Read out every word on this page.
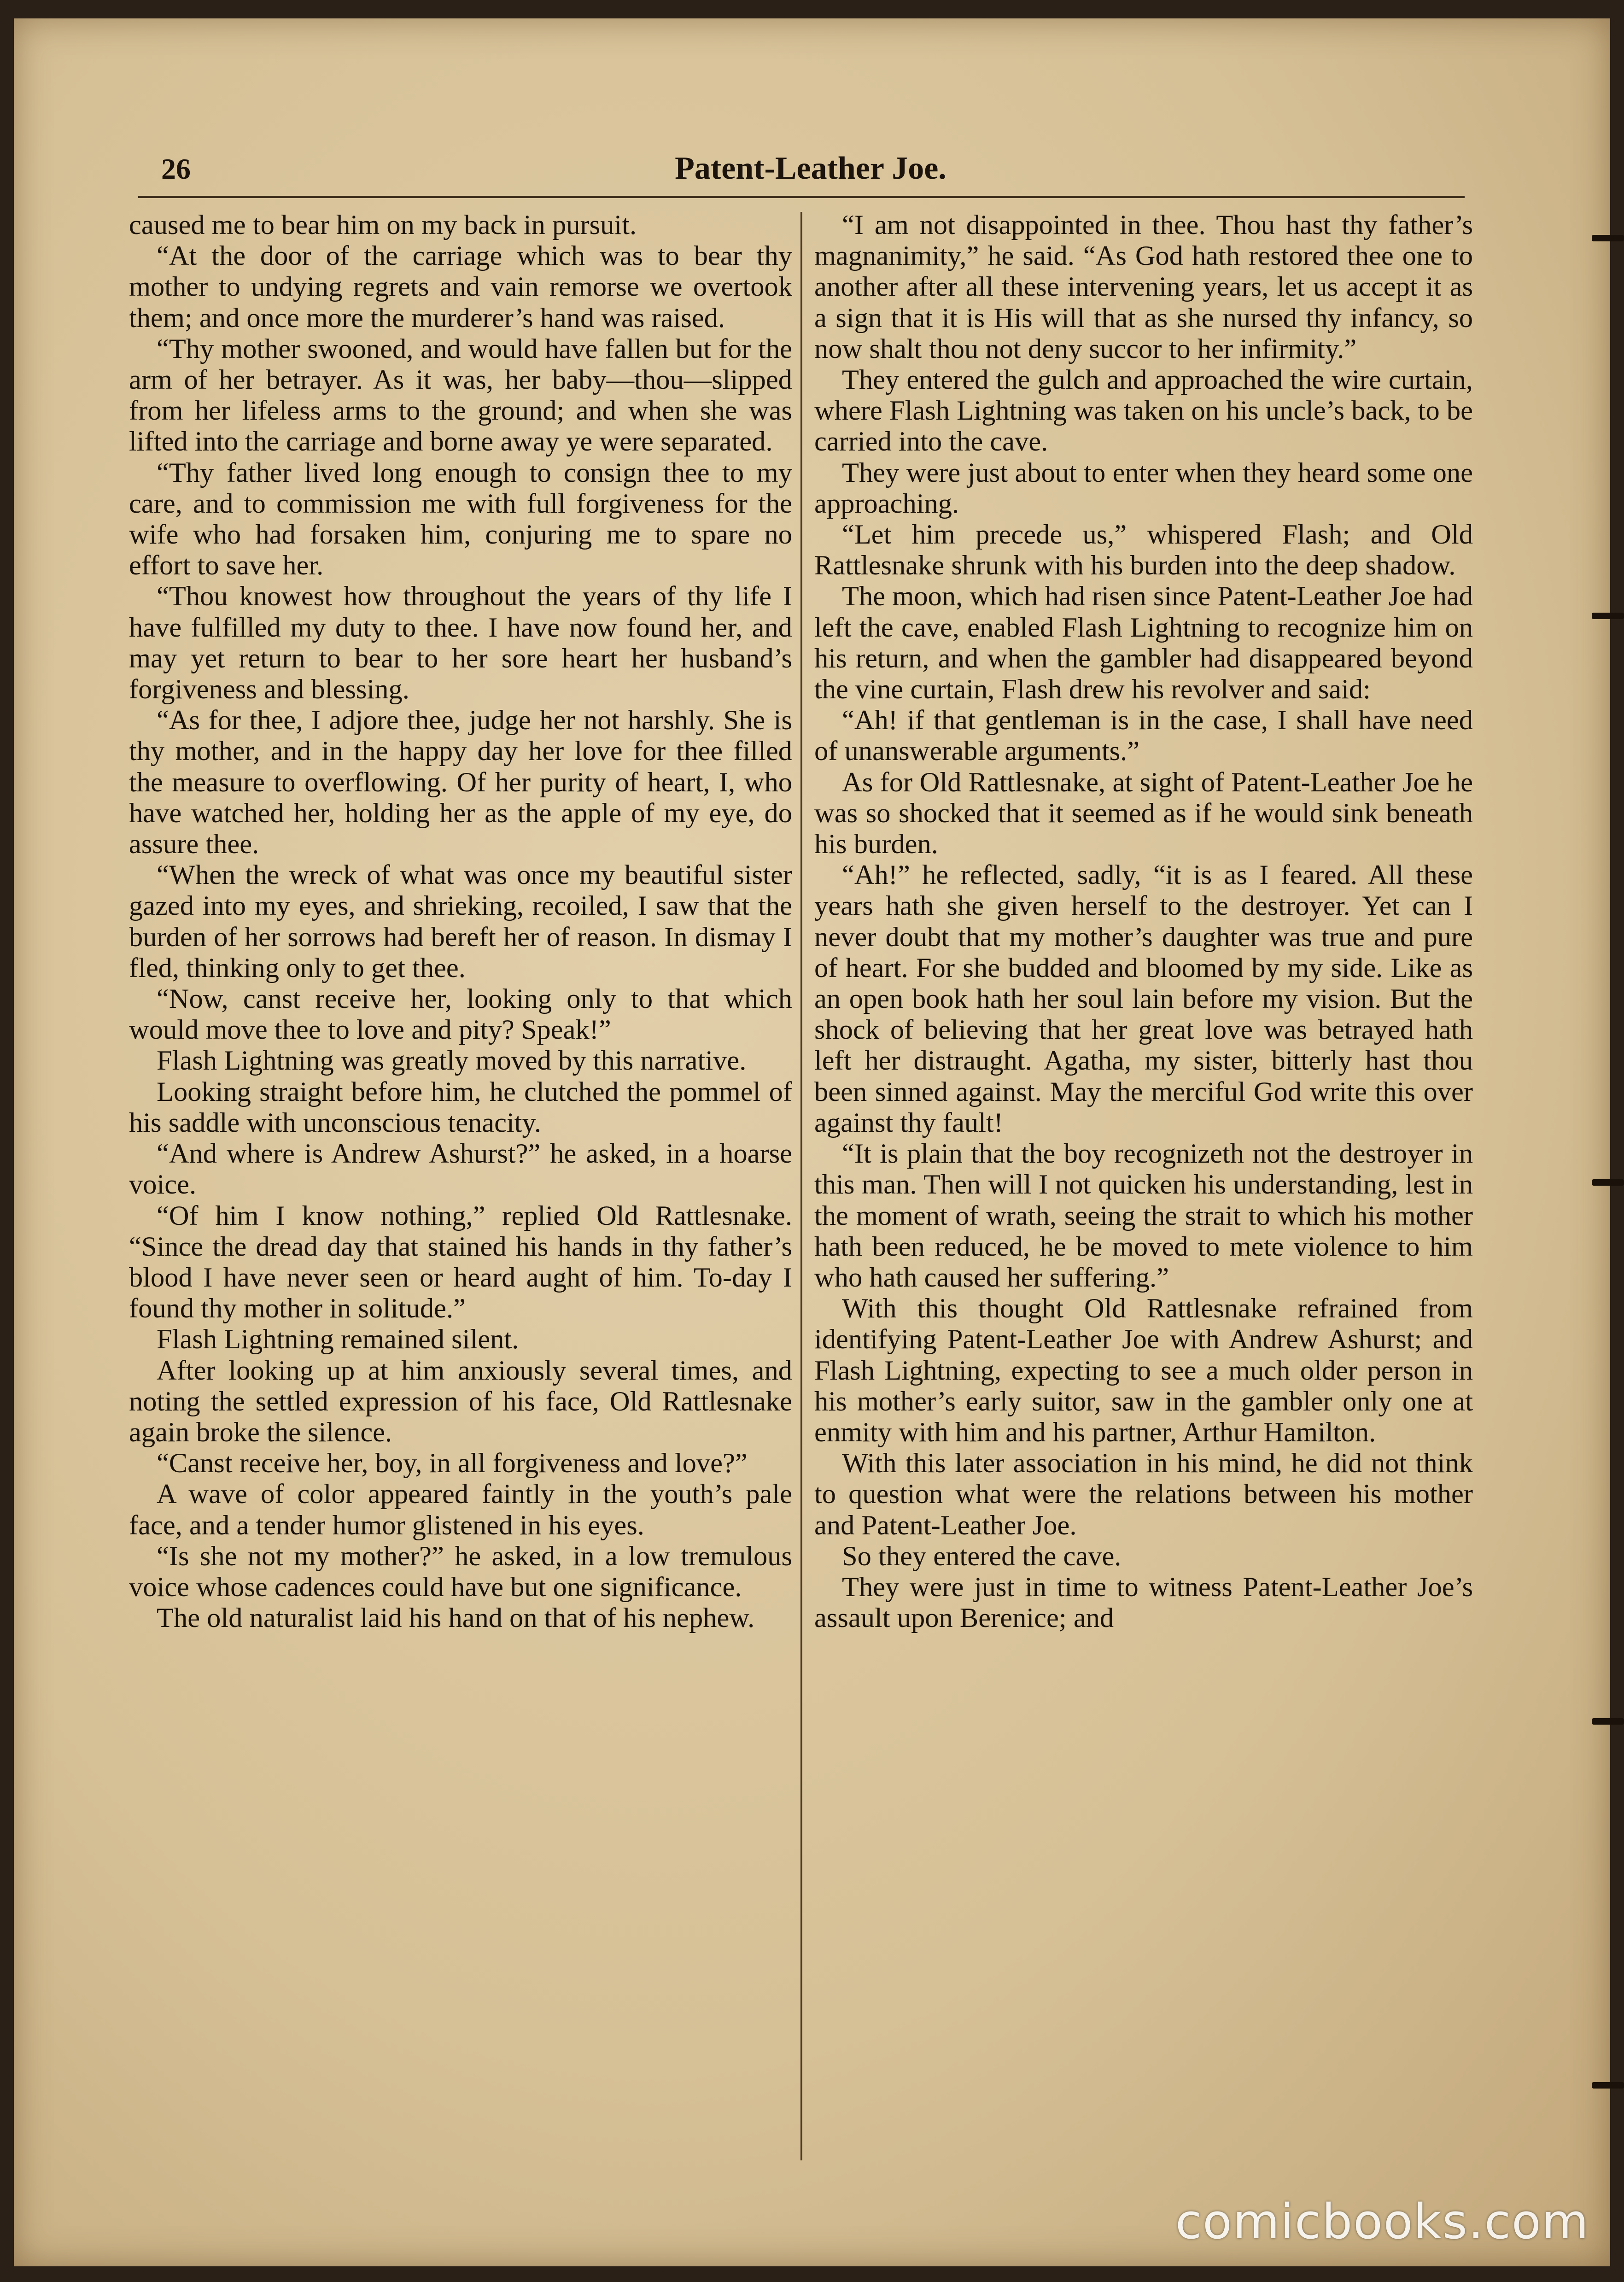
26	Patent-Leather Joe.

caused me to bear him on my back in pursuit.

“At the door of the carriage which was to bear thy mother to undying regrets and vain remorse we overtook them; and once more the murderer’s hand was raised.

“Thy mother swooned, and would have fallen but for the arm of her betrayer. As it was, her baby—thou—slipped from her lifeless arms to the ground; and when she was lifted into the carriage and borne away ye were separated.

“Thy father lived long enough to consign thee to my care, and to commission me with full forgiveness for the wife who had forsaken him, conjuring me to spare no effort to save her.

“Thou knowest how throughout the years of thy life I have fulfilled my duty to thee. I have now found her, and may yet return to bear to her sore heart her husband’s forgiveness and blessing.

“As for thee, I adjore thee, judge her not harshly. She is thy mother, and in the happy day her love for thee filled the measure to overflowing. Of her purity of heart, I, who have watched her, holding her as the apple of my eye, do assure thee.

“When the wreck of what was once my beautiful sister gazed into my eyes, and shrieking, recoiled, I saw that the burden of her sorrows had bereft her of reason. In dismay I fled, thinking only to get thee.

“Now, canst receive her, looking only to that which would move thee to love and pity? Speak!”

Flash Lightning was greatly moved by this narrative.

Looking straight before him, he clutched the pommel of his saddle with unconscious tenacity.

“And where is Andrew Ashurst?” he asked, in a hoarse voice.

“Of him I know nothing,” replied Old Rattlesnake. “Since the dread day that stained his hands in thy father’s blood I have never seen or heard aught of him. To-day I found thy mother in solitude.”

Flash Lightning remained silent.

After looking up at him anxiously several times, and noting the settled expression of his face, Old Rattlesnake again broke the silence.

“Canst receive her, boy, in all forgiveness and love?”

A wave of color appeared faintly in the youth’s pale face, and a tender humor glistened in his eyes.

“Is she not my mother?” he asked, in a low tremulous voice whose cadences could have but one significance.

The old naturalist laid his hand on that of his nephew.

“I am not disappointed in thee. Thou hast thy father’s magnanimity,” he said. “As God hath restored thee one to another after all these intervening years, let us accept it as a sign that it is His will that as she nursed thy infancy, so now shalt thou not deny succor to her infirmity.”

They entered the gulch and approached the wire curtain, where Flash Lightning was taken on his uncle’s back, to be carried into the cave.

They were just about to enter when they heard some one approaching.

“Let him precede us,” whispered Flash; and Old Rattlesnake shrunk with his burden into the deep shadow.

The moon, which had risen since Patent-Leather Joe had left the cave, enabled Flash Lightning to recognize him on his return, and when the gambler had disappeared beyond the vine curtain, Flash drew his revolver and said:

“Ah! if that gentleman is in the case, I shall have need of unanswerable arguments.”

As for Old Rattlesnake, at sight of Patent-Leather Joe he was so shocked that it seemed as if he would sink beneath his burden.

“Ah!” he reflected, sadly, “it is as I feared. All these years hath she given herself to the destroyer. Yet can I never doubt that my mother’s daughter was true and pure of heart. For she budded and bloomed by my side. Like as an open book hath her soul lain before my vision. But the shock of believing that her great love was betrayed hath left her distraught. Agatha, my sister, bitterly hast thou been sinned against. May the merciful God write this over against thy fault!

“It is plain that the boy recognizeth not the destroyer in this man. Then will I not quicken his understanding, lest in the moment of wrath, seeing the strait to which his mother hath been reduced, he be moved to mete violence to him who hath caused her suffering.”

With this thought Old Rattlesnake refrained from identifying Patent-Leather Joe with Andrew Ashurst; and Flash Lightning, expecting to see a much older person in his mother’s early suitor, saw in the gambler only one at enmity with him and his partner, Arthur Hamilton.

With this later association in his mind, he did not think to question what were the relations between his mother and Patent-Leather Joe.

So they entered the cave.

They were just in time to witness Patent-Leather Joe’s assault upon Berenice; and

comicbooks.com
